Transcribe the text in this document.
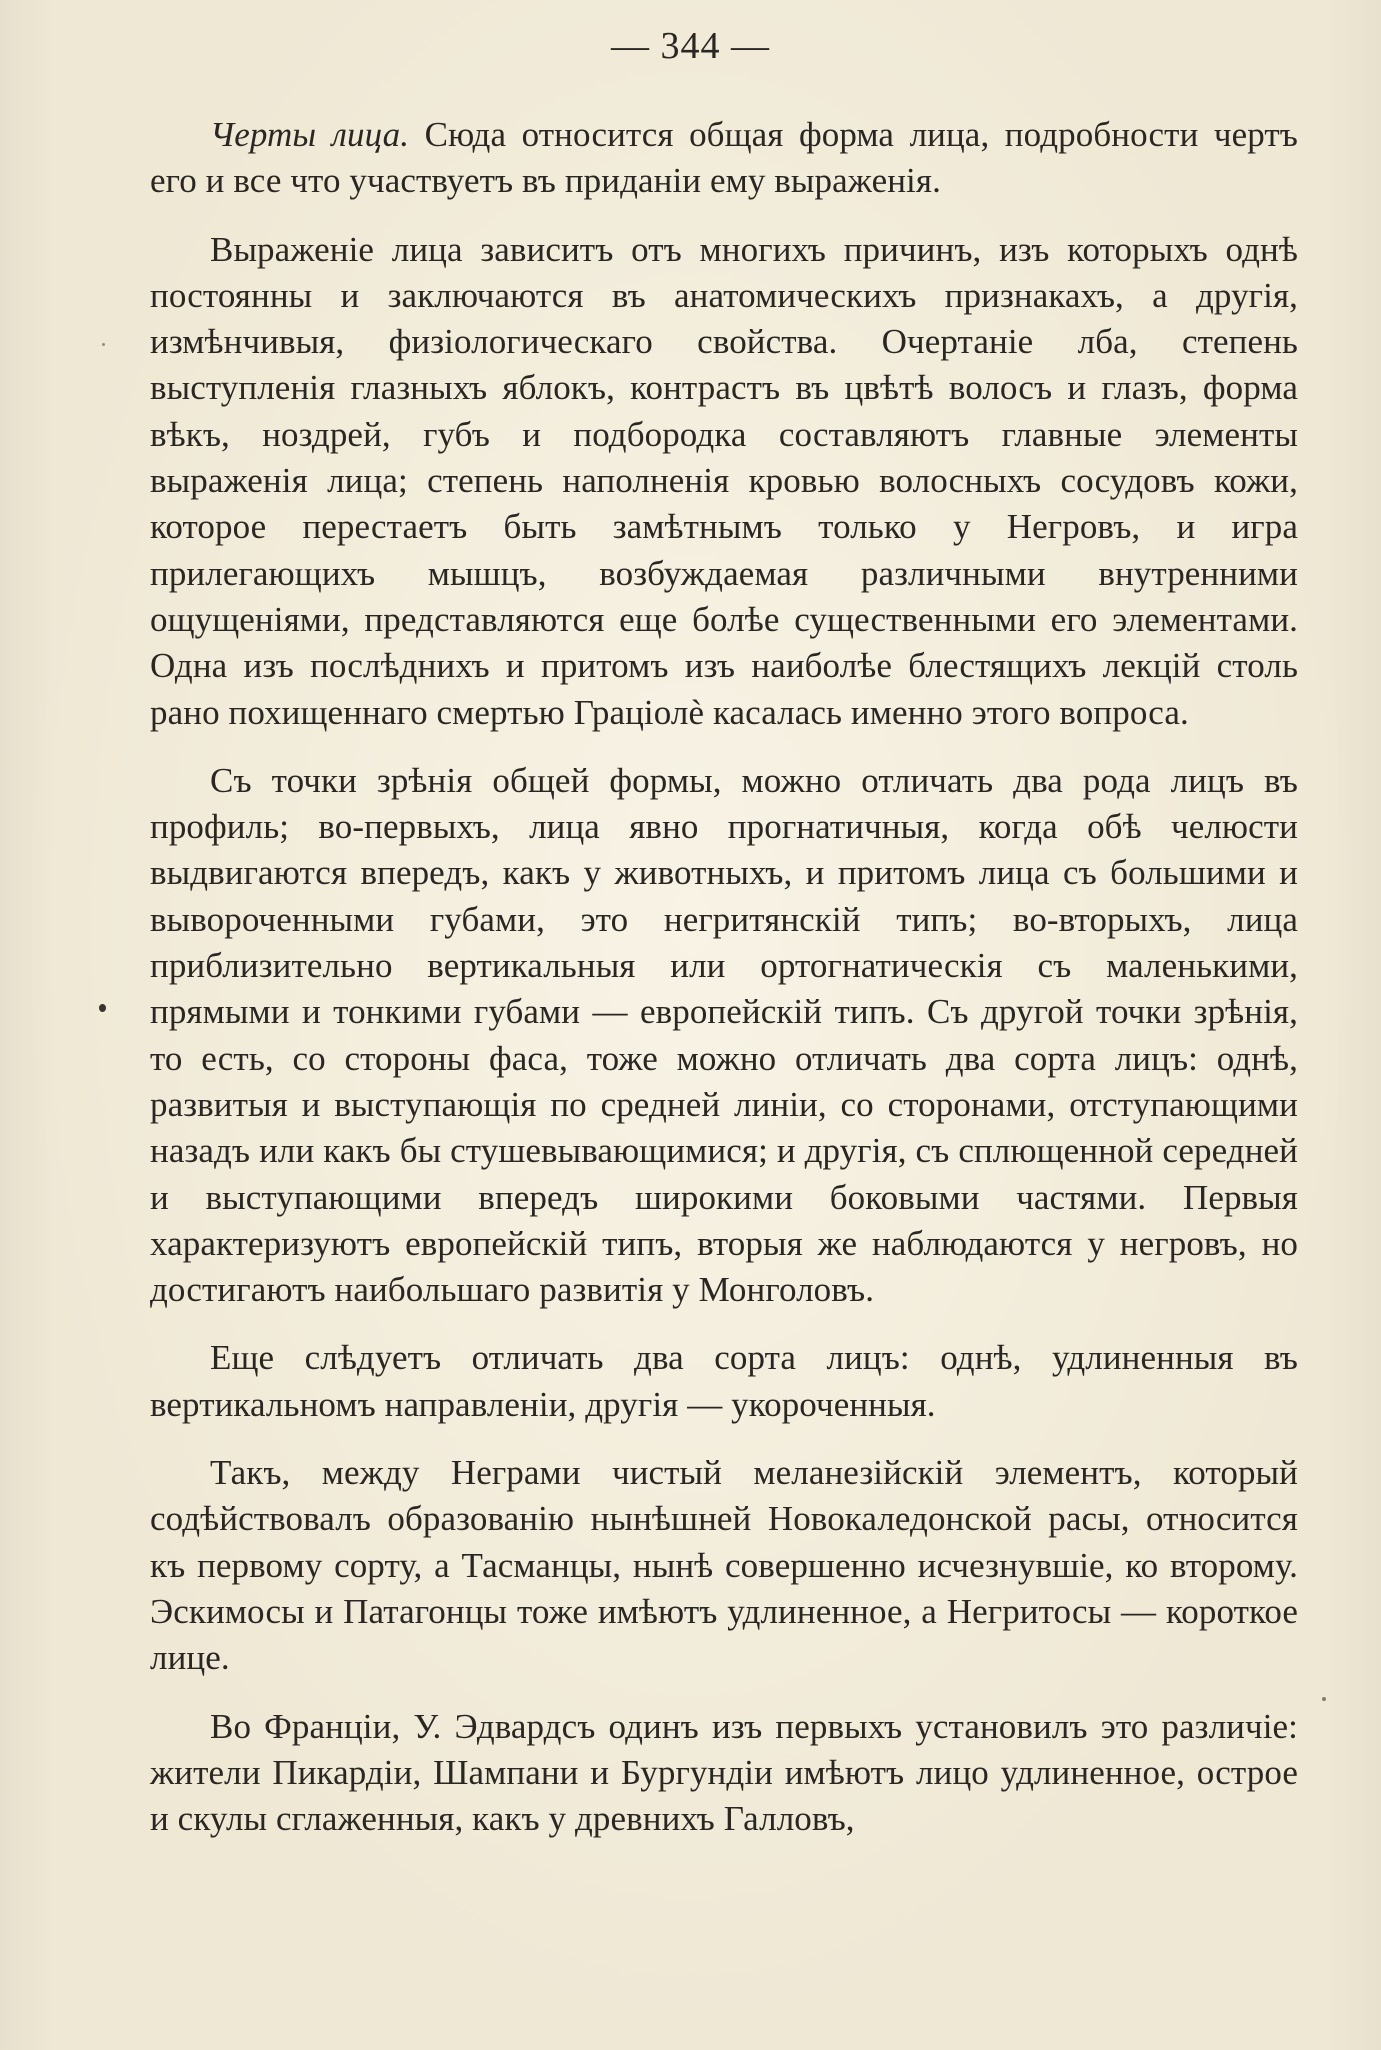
— 344 —

Черты лица. Сюда относится общая форма лица, подробности чертъ его и все что участвуетъ въ приданіи ему выраженія.

Выраженіе лица зависитъ отъ многихъ причинъ, изъ которыхъ однѣ постоянны и заключаются въ анатомическихъ признакахъ, а другія, измѣнчивыя, физіологическаго свойства. Очертаніе лба, степень выступленія глазныхъ яблокъ, контрастъ въ цвѣтѣ волосъ и глазъ, форма вѣкъ, ноздрей, губъ и подбородка составляютъ главные элементы выраженія лица; степень наполненія кровью волосныхъ сосудовъ кожи, которое перестаетъ быть замѣтнымъ только у Негровъ, и игра прилегающихъ мышцъ, возбуждаемая различными внутренними ощущеніями, представляются еще болѣе существенными его элементами. Одна изъ послѣднихъ и притомъ изъ наиболѣе блестящихъ лекцій столь рано похищеннаго смертью Граціолѐ касалась именно этого вопроса.

Съ точки зрѣнія общей формы, можно отличать два рода лицъ въ профиль; во-первыхъ, лица явно прогнатичныя, когда обѣ челюсти выдвигаются впередъ, какъ у животныхъ, и притомъ лица съ большими и вывороченными губами, это негритянскій типъ; во-вторыхъ, лица приблизительно вертикальныя или ортогнатическія съ маленькими, прямыми и тонкими губами — европейскій типъ. Съ другой точки зрѣнія, то есть, со стороны фаса, тоже можно отличать два сорта лицъ: однѣ, развитыя и выступающія по средней линіи, со сторонами, отступающими назадъ или какъ бы стушевывающимися; и другія, съ сплющенной середней и выступающими впередъ широкими боковыми частями. Первыя характеризуютъ европейскій типъ, вторыя же наблюдаются у негровъ, но достигаютъ наибольшаго развитія у Монголовъ.

Еще слѣдуетъ отличать два сорта лицъ: однѣ, удлиненныя въ вертикальномъ направленіи, другія — укороченныя.

Такъ, между Неграми чистый меланезійскій элементъ, который содѣйствовалъ образованію нынѣшней Новокаледонской расы, относится къ первому сорту, а Тасманцы, нынѣ совершенно исчезнувшіе, ко второму. Эскимосы и Патагонцы тоже имѣютъ удлиненное, а Негритосы — короткое лице.

Во Франціи, У. Эдвардсъ одинъ изъ первыхъ установилъ это различіе: жители Пикардіи, Шампани и Бургундіи имѣютъ лицо удлиненное, острое и скулы сглаженныя, какъ у древнихъ Галловъ,
